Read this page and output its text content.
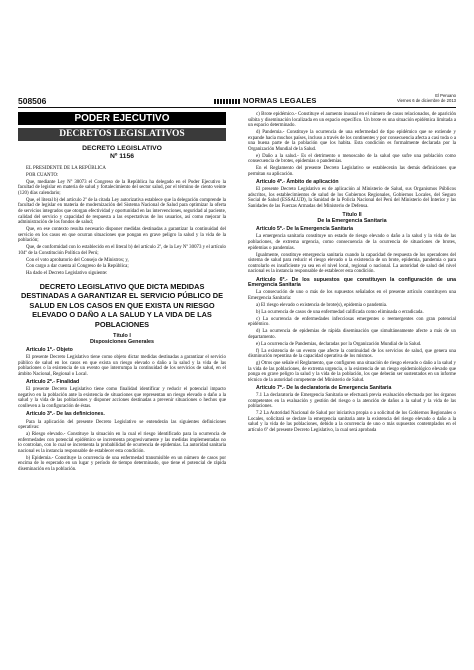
508506	NORMAS LEGALES
El Peruano
Viernes 6 de diciembre de 2013
PODER EJECUTIVO
DECRETOS LEGISLATIVOS
DECRETO LEGISLATIVO
Nº 1156

EL PRESIDENTE DE LA REPÚBLICA

POR CUANTO:

Que, mediante Ley Nº 30073 el Congreso de la República ha delegado en el Poder Ejecutivo la facultad de legislar en materia de salud y fortalecimiento del sector salud, por el término de ciento veinte (120) días calendario;

Que, el literal b) del artículo 2º de la citada Ley autorizativa establece que la delegación comprende la facultad de legislar en materia de modernización del Sistema Nacional de Salud para optimizar la oferta de servicios integrados que otorgan efectividad y oportunidad en las intervenciones, seguridad al paciente, calidad del servicio y capacidad de respuesta a las expectativas de los usuarios, así como mejorar la administración de los fondos de salud;

Que, en ese contexto resulta necesario disponer medidas destinadas a garantizar la continuidad del servicio en los casos en que ocurran situaciones que pongan en grave peligro la salud y la vida de la población;

Que, de conformidad con lo establecido en el literal b) del artículo 2º, de la Ley Nº 30073 y el artículo 104º de la Constitución Política del Perú;

Con el voto aprobatorio del Consejo de Ministros; y,

Con cargo a dar cuenta al Congreso de la República;

Ha dado el Decreto Legislativo siguiente:

DECRETO LEGISLATIVO QUE DICTA MEDIDAS DESTINADAS A GARANTIZAR EL SERVICIO PÚBLICO DE SALUD EN LOS CASOS EN QUE EXISTA UN RIESGO ELEVADO O DAÑO A LA SALUD Y LA VIDA DE LAS POBLACIONES
Título I
Disposiciones Generales
Artículo 1º.- Objeto

El presente Decreto Legislativo tiene como objeto dictar medidas destinadas a garantizar el servicio público de salud en los casos en que exista un riesgo elevado o daño a la salud y la vida de las poblaciones o la existencia de un evento que interrumpa la continuidad de los servicios de salud, en el ámbito Nacional, Regional o Local.

Artículo 2º.- Finalidad

El presente Decreto Legislativo tiene como finalidad identificar y reducir el potencial impacto negativo en la población ante la existencia de situaciones que representan un riesgo elevado o daño a la salud y la vida de las poblaciones y disponer acciones destinadas a prevenir situaciones o hechos que conlleven a la configuración de éstas.

Artículo 3º.- De las definiciones.

Para la aplicación del presente Decreto Legislativo se entenderán las siguientes definiciones operativas:

a) Riesgo elevado.- Constituye la situación en la cual el riesgo identificado para la ocurrencia de enfermedades con potencial epidémico se incrementa progresivamente y las medidas implementadas no lo controlan, con lo cual se incrementa la probabilidad de ocurrencia de epidemias. La autoridad sanitaria nacional es la instancia responsable de establecer esta condición.

b) Epidemia.- Constituye la ocurrencia de una enfermedad transmisible en un número de casos por encima de lo esperado en un lugar y período de tiempo determinado, que tiene el potencial de rápida diseminación en la población.

c) Brote epidémico.- Constituye el aumento inusual en el número de casos relacionados, de aparición súbita y diseminación localizada en un espacio específico. Un brote es una situación epidémica limitada a un espacio determinado.

d) Pandemia.- Constituye la ocurrencia de una enfermedad de tipo epidémico que se extiende y expande hacia muchos países, incluso a través de los continentes y por consecuencia afecta a casi toda o a una buena parte de la población que los habita. Esta condición es formalmente declarada por la Organización Mundial de la Salud.

e) Daño a la salud.- Es el detrimento o menoscabo de la salud que sufre una población como consecuencia de brotes, epidemias o pandemias.

En el Reglamento del presente Decreto Legislativo se establecerán las demás definiciones que permitan su aplicación.

Artículo 4º.- Ámbito de aplicación

El presente Decreto Legislativo es de aplicación al Ministerio de Salud, sus Organismos Públicos adscritos, los establecimientos de salud de los Gobiernos Regionales, Gobiernos Locales, del Seguro Social de Salud (ESSALUD), la Sanidad de la Policía Nacional del Perú del Ministerio del Interior y las Sanidades de las Fuerzas Armadas del Ministerio de Defensa.

Título II
De la Emergencia Sanitaria
Artículo 5º.- De la Emergencia Sanitaria

La emergencia sanitaria constituye un estado de riesgo elevado o daño a la salud y la vida de las poblaciones, de extrema urgencia, como consecuencia de la ocurrencia de situaciones de brotes, epidemias o pandemias.

Igualmente, constituye emergencia sanitaria cuando la capacidad de respuesta de los operadores del sistema de salud para reducir el riesgo elevado o la existencia de un brote, epidemia, pandemia o para controlarlo es insuficiente ya sea en el nivel local, regional o nacional. La autoridad de salud del nivel nacional es la instancia responsable de establecer esta condición.

Artículo 6º.- De los supuestos que constituyen la configuración de una Emergencia Sanitaria

La consecución de uno o más de los supuestos señalados en el presente artículo constituyen una Emergencia Sanitaria:

a) El riesgo elevado o existencia de brote(s), epidemia o pandemia.

b) La ocurrencia de casos de una enfermedad calificada como eliminada o erradicada.

c) La ocurrencia de enfermedades infecciosas emergentes o reemergentes con gran potencial epidémico.

d) La ocurrencia de epidemias de rápida diseminación que simultáneamente afecte a más de un departamento.

e) La ocurrencia de Pandemias, declaradas por la Organización Mundial de la Salud.

f) La existencia de un evento que afecte la continuidad de los servicios de salud, que genera una disminución repentina de la capacidad operativa de los mismos.

g) Otros que señale el Reglamento, que configuren una situación de riesgo elevado o daño a la salud y la vida de las poblaciones, de extrema urgencia, o la existencia de un riesgo epidemiológico elevado que ponga en grave peligro la salud y la vida de la población, los que deberán ser sustentados en un informe técnico de la autoridad competente del Ministerio de Salud.

Artículo 7º.- De la declaratoria de Emergencia Sanitaria

7.1 La declaratoria de Emergencia Sanitaria se efectuará previa evaluación efectuada por los órganos competentes en la evaluación y gestión del riesgo o la atención de daños a la salud y la vida de las poblaciones.

7.2 La Autoridad Nacional de Salud por iniciativa propia o a solicitud de los Gobiernos Regionales o Locales, solicitará se declare la emergencia sanitaria ante la existencia del riesgo elevado o daño a la salud y la vida de las poblaciones, debido a la ocurrencia de uno o más supuestos contemplados en el artículo 6º del presente Decreto Legislativo, la cual será aprobada
